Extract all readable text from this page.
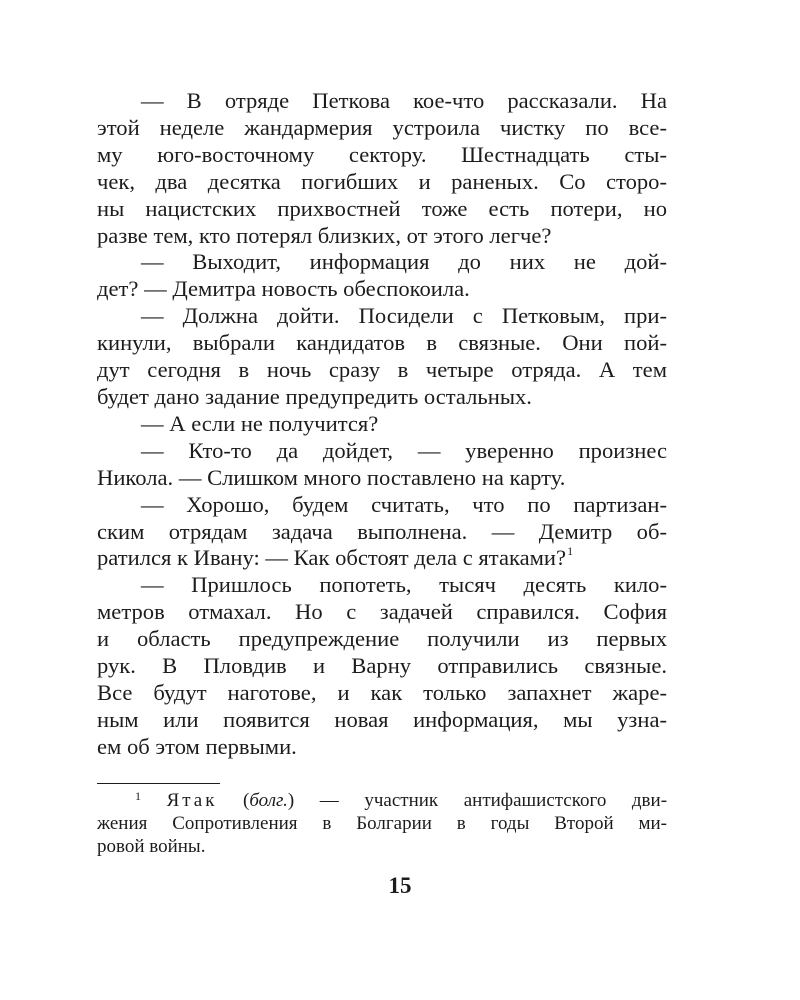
— В отряде Петкова кое-что рассказали. На
этой неделе жандармерия устроила чистку по все-
му юго-восточному сектору. Шестнадцать сты-
чек, два десятка погибших и раненых. Со сторо-
ны нацистских прихвостней тоже есть потери, но
разве тем, кто потерял близких, от этого легче?
— Выходит, информация до них не дой-
дет? — Демитра новость обеспокоила.
— Должна дойти. Посидели с Петковым, при-
кинули, выбрали кандидатов в связные. Они пой-
дут сегодня в ночь сразу в четыре отряда. А тем
будет дано задание предупредить остальных.
— А если не получится?
— Кто-то да дойдет, — уверенно произнес
Никола. — Слишком много поставлено на карту.
— Хорошо, будем считать, что по партизан-
ским отрядам задача выполнена. — Демитр об-
ратился к Ивану: — Как обстоят дела с ятаками?$^1$
— Пришлось попотеть, тысяч десять кило-
метров отмахал. Но с задачей справился. София
и область предупреждение получили из первых
рук. В Пловдив и Варну отправились связные.
Все будут наготове, и как только запахнет жаре-
ным или появится новая информация, мы узна-
ем об этом первыми.
$^1$ Ятак (болг.) — участник антифашистского дви-
жения Сопротивления в Болгарии в годы Второй ми-
ровой войны.
15
